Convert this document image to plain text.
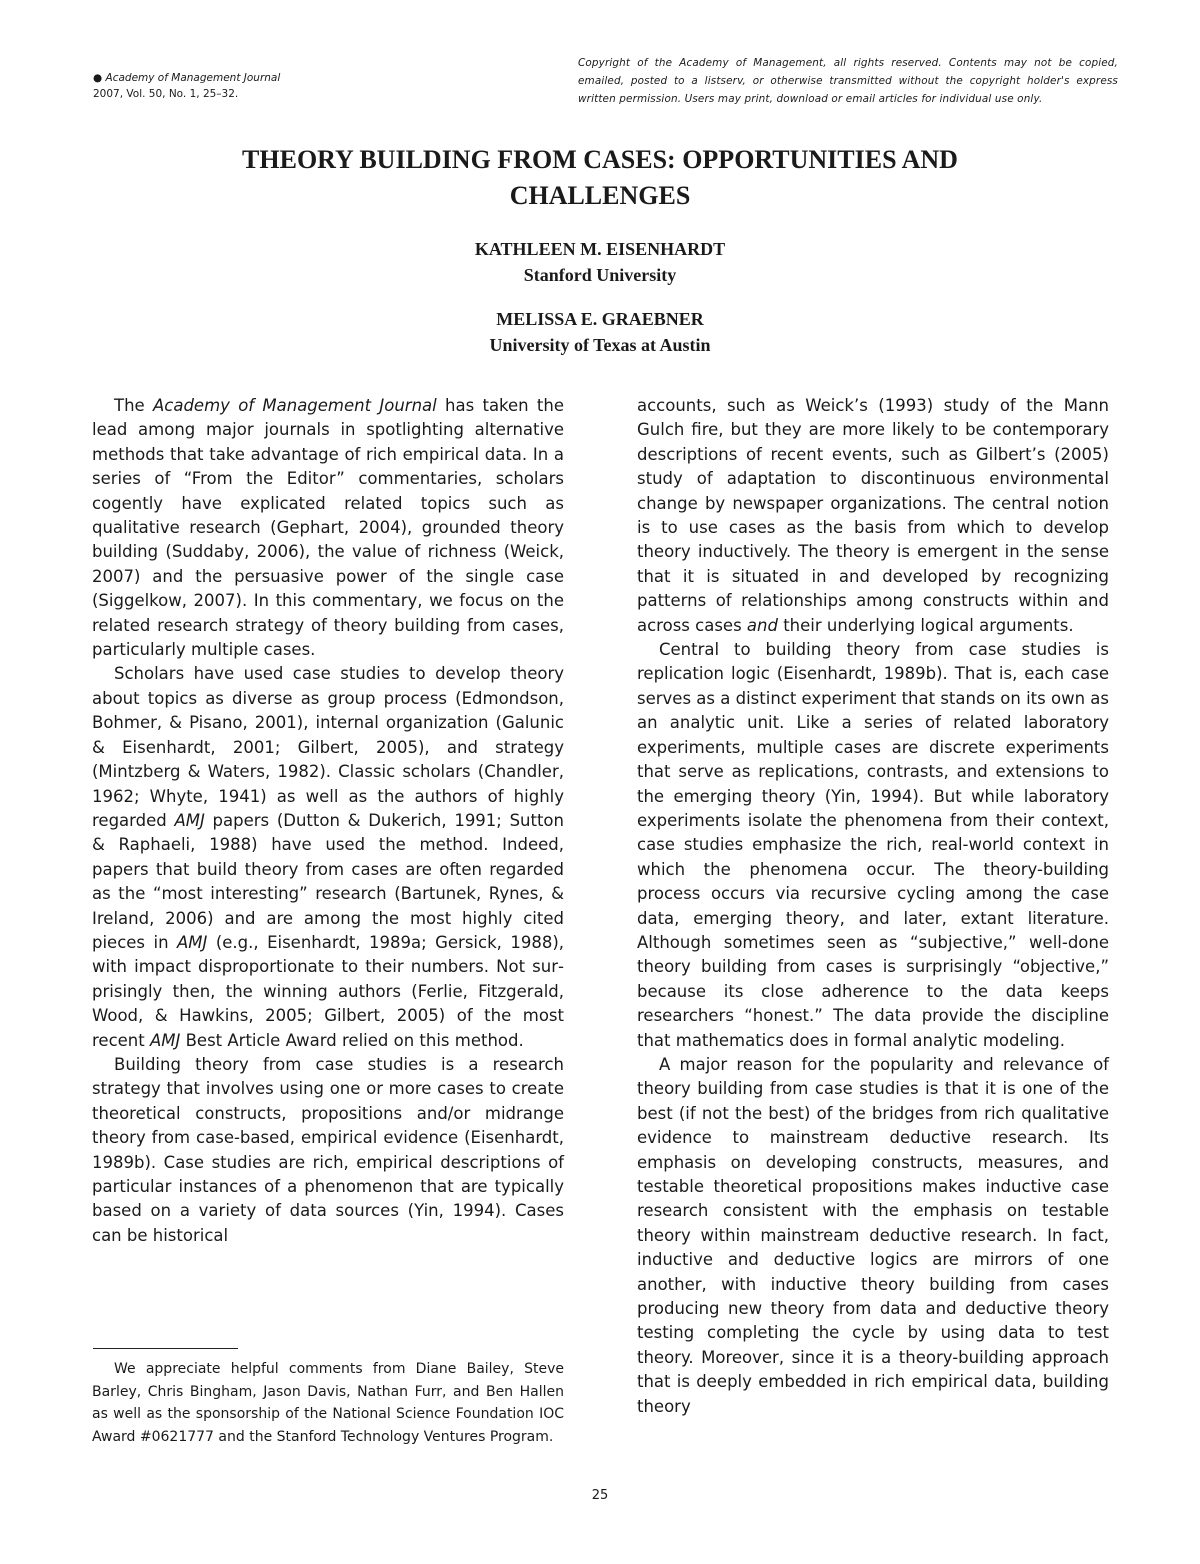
● Academy of Management Journal
2007, Vol. 50, No. 1, 25–32.
Copyright of the Academy of Management, all rights reserved. Contents may not be copied, emailed, posted to a listserv, or otherwise transmitted without the copyright holder's express written permission. Users may print, download or email articles for individual use only.
THEORY BUILDING FROM CASES: OPPORTUNITIES AND CHALLENGES
KATHLEEN M. EISENHARDT
Stanford University
MELISSA E. GRAEBNER
University of Texas at Austin

The Academy of Management Journal has taken the lead among major journals in spotlighting alternative methods that take advantage of rich empirical data. In a series of “From the Editor” commentaries, scholars cogently have explicated related topics such as qualitative research (Gephart, 2004), grounded theory building (Suddaby, 2006), the value of richness (Weick, 2007) and the persuasive power of the single case (Siggelkow, 2007). In this commentary, we focus on the related research strategy of theory building from cases, particularly multiple cases.

Scholars have used case studies to develop theory about topics as diverse as group process (Edmondson, Bohmer, & Pisano, 2001), internal organization (Galunic & Eisenhardt, 2001; Gilbert, 2005), and strategy (Mintzberg & Waters, 1982). Classic scholars (Chandler, 1962; Whyte, 1941) as well as the authors of highly regarded AMJ papers (Dutton & Dukerich, 1991; Sutton & Raphaeli, 1988) have used the method. Indeed, papers that build theory from cases are often regarded as the “most interesting” research (Bartunek, Rynes, & Ireland, 2006) and are among the most highly cited pieces in AMJ (e.g., Eisenhardt, 1989a; Gersick, 1988), with impact disproportionate to their numbers. Not surprisingly then, the winning authors (Ferlie, Fitzgerald, Wood, & Hawkins, 2005; Gilbert, 2005) of the most recent AMJ Best Article Award relied on this method.

Building theory from case studies is a research strategy that involves using one or more cases to create theoretical constructs, propositions and/or midrange theory from case-based, empirical evidence (Eisenhardt, 1989b). Case studies are rich, empirical descriptions of particular instances of a phenomenon that are typically based on a variety of data sources (Yin, 1994). Cases can be historical

We appreciate helpful comments from Diane Bailey, Steve Barley, Chris Bingham, Jason Davis, Nathan Furr, and Ben Hallen as well as the sponsorship of the National Science Foundation IOC Award #0621777 and the Stanford Technology Ventures Program.

accounts, such as Weick’s (1993) study of the Mann Gulch fire, but they are more likely to be contemporary descriptions of recent events, such as Gilbert’s (2005) study of adaptation to discontinuous environmental change by newspaper organizations. The central notion is to use cases as the basis from which to develop theory inductively. The theory is emergent in the sense that it is situated in and developed by recognizing patterns of relationships among constructs within and across cases and their underlying logical arguments.

Central to building theory from case studies is replication logic (Eisenhardt, 1989b). That is, each case serves as a distinct experiment that stands on its own as an analytic unit. Like a series of related laboratory experiments, multiple cases are discrete experiments that serve as replications, contrasts, and extensions to the emerging theory (Yin, 1994). But while laboratory experiments isolate the phenomena from their context, case studies emphasize the rich, real-world context in which the phenomena occur. The theory-building process occurs via recursive cycling among the case data, emerging theory, and later, extant literature. Although sometimes seen as “subjective,” well-done theory building from cases is surprisingly “objective,” because its close adherence to the data keeps researchers “honest.” The data provide the discipline that mathematics does in formal analytic modeling.

A major reason for the popularity and relevance of theory building from case studies is that it is one of the best (if not the best) of the bridges from rich qualitative evidence to mainstream deductive research. Its emphasis on developing constructs, measures, and testable theoretical propositions makes inductive case research consistent with the emphasis on testable theory within mainstream deductive research. In fact, inductive and deductive logics are mirrors of one another, with inductive theory building from cases producing new theory from data and deductive theory testing completing the cycle by using data to test theory. Moreover, since it is a theory-building approach that is deeply embedded in rich empirical data, building theory

25
